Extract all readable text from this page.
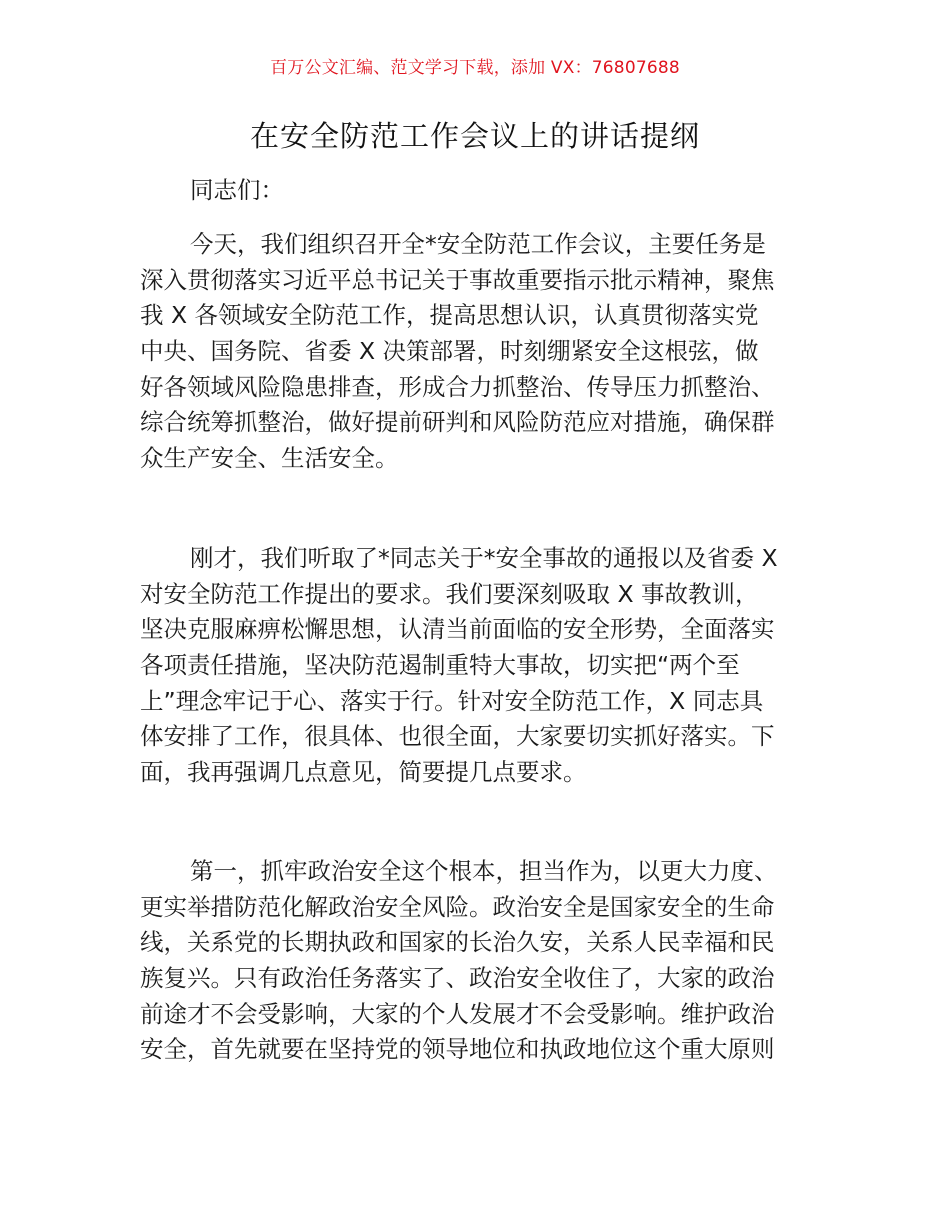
百万公文汇编、范文学习下载，添加 VX：76807688
在安全防范工作会议上的讲话提纲
同志们：
今天，我们组织召开全*安全防范工作会议，主要任务是
深入贯彻落实习近平总书记关于事故重要指示批示精神，聚焦
我 X 各领域安全防范工作，提高思想认识，认真贯彻落实党
中央、国务院、省委 X 决策部署，时刻绷紧安全这根弦，做
好各领域风险隐患排查，形成合力抓整治、传导压力抓整治、
综合统筹抓整治，做好提前研判和风险防范应对措施，确保群
众生产安全、生活安全。
刚才，我们听取了*同志关于*安全事故的通报以及省委 X
对安全防范工作提出的要求。我们要深刻吸取 X 事故教训，
坚决克服麻痹松懈思想，认清当前面临的安全形势，全面落实
各项责任措施，坚决防范遏制重特大事故，切实把“两个至
上”理念牢记于心、落实于行。针对安全防范工作，X 同志具
体安排了工作，很具体、也很全面，大家要切实抓好落实。下
面，我再强调几点意见，简要提几点要求。
第一，抓牢政治安全这个根本，担当作为，以更大力度、
更实举措防范化解政治安全风险。政治安全是国家安全的生命
线，关系党的长期执政和国家的长治久安，关系人民幸福和民
族复兴。只有政治任务落实了、政治安全收住了，大家的政治
前途才不会受影响，大家的个人发展才不会受影响。维护政治
安全，首先就要在坚持党的领导地位和执政地位这个重大原则
